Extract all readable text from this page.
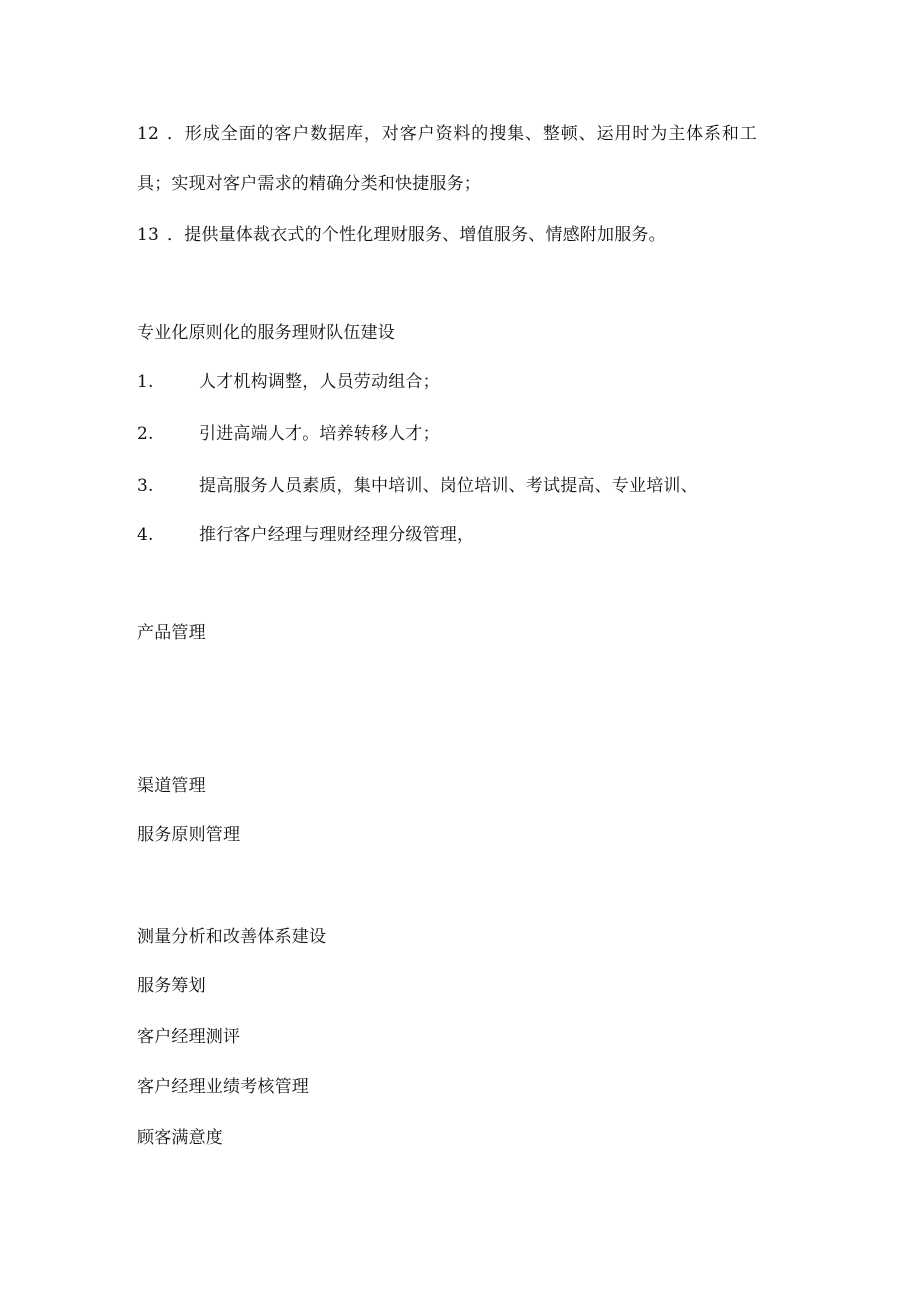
12 ．形成全面的客户数据库，对客户资料的搜集、整顿、运用时为主体系和工
具；实现对客户需求的精确分类和快捷服务；
13 ．提供量体裁衣式的个性化理财服务、增值服务、情感附加服务。
专业化原则化的服务理财队伍建设
1.	人才机构调整，人员劳动组合；
2.	引进高端人才。培养转移人才；
3.	提高服务人员素质，集中培训、岗位培训、考试提高、专业培训、
4.	推行客户经理与理财经理分级管理，
产品管理
渠道管理
服务原则管理
测量分析和改善体系建设
服务筹划
客户经理测评
客户经理业绩考核管理
顾客满意度
